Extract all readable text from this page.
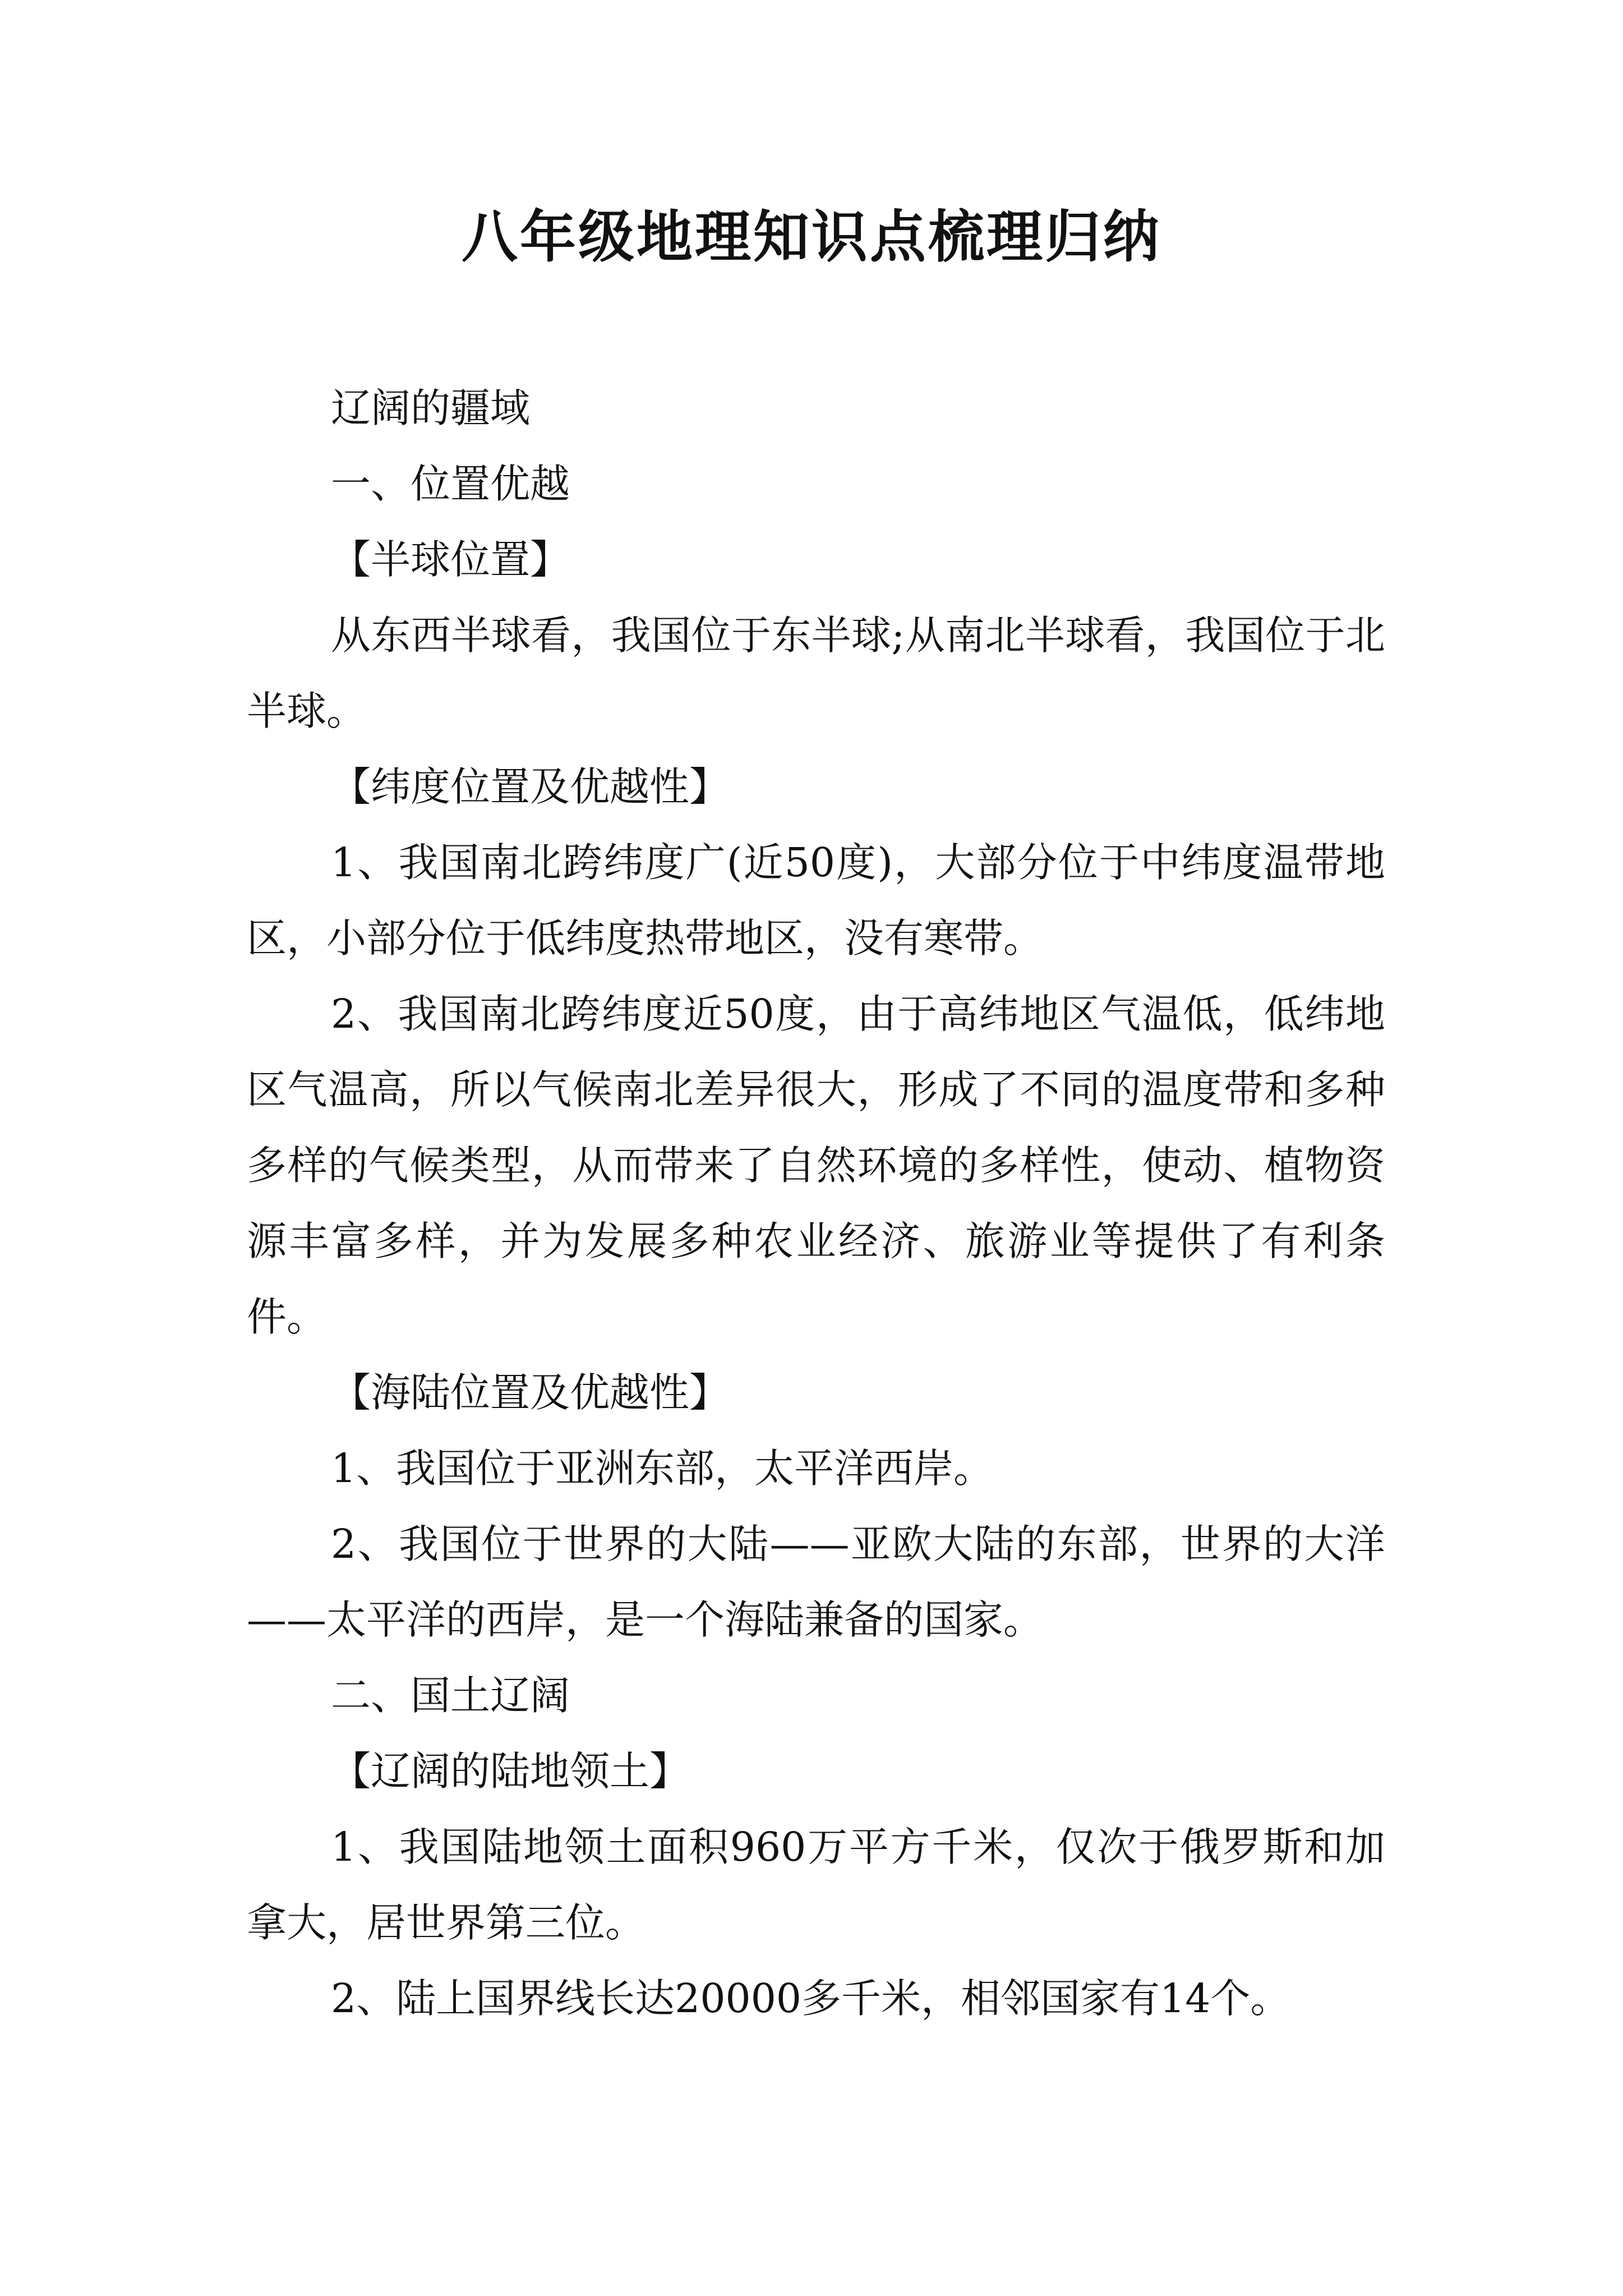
八年级地理知识点梳理归纳

辽阔的疆域

一、位置优越

【半球位置】

从东西半球看，我国位于东半球;从南北半球看，我国位于北半球。

【纬度位置及优越性】

1、我国南北跨纬度广(近50度)，大部分位于中纬度温带地区，小部分位于低纬度热带地区，没有寒带。

2、我国南北跨纬度近50度，由于高纬地区气温低，低纬地区气温高，所以气候南北差异很大，形成了不同的温度带和多种多样的气候类型，从而带来了自然环境的多样性，使动、植物资源丰富多样，并为发展多种农业经济、旅游业等提供了有利条件。

【海陆位置及优越性】

1、我国位于亚洲东部，太平洋西岸。

2、我国位于世界的大陆——亚欧大陆的东部，世界的大洋——太平洋的西岸，是一个海陆兼备的国家。

二、国土辽阔

【辽阔的陆地领土】

1、我国陆地领土面积960万平方千米，仅次于俄罗斯和加拿大，居世界第三位。

2、陆上国界线长达20000多千米，相邻国家有14个。
